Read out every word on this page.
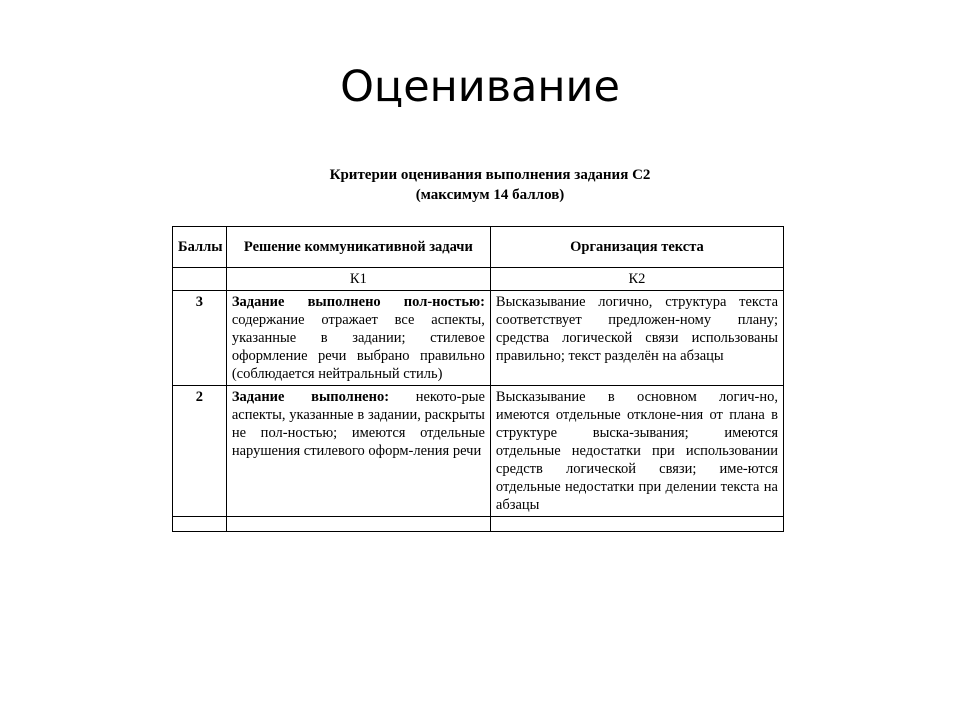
Оценивание
Критерии оценивания выполнения задания С2
(максимум 14 баллов)
Баллы	Решение коммуникативной задачи	Организация текста
	К1	К2
3	Задание выполнено пол-ностью: содержание отражает все аспекты, указанные в задании; стилевое оформление речи выбрано правильно (соблюдается нейтральный стиль)	Высказывание логично, структура текста соответствует предложен-ному плану; средства логической связи использованы правильно; текст разделён на абзацы
2	Задание выполнено: некото-рые аспекты, указанные в задании, раскрыты не пол-ностью; имеются отдельные нарушения стилевого оформ-ления речи	Высказывание в основном логич-но, имеются отдельные отклоне-ния от плана в структуре выска-зывания; имеются отдельные недостатки при использовании средств логической связи; име-ются отдельные недостатки при делении текста на абзацы
